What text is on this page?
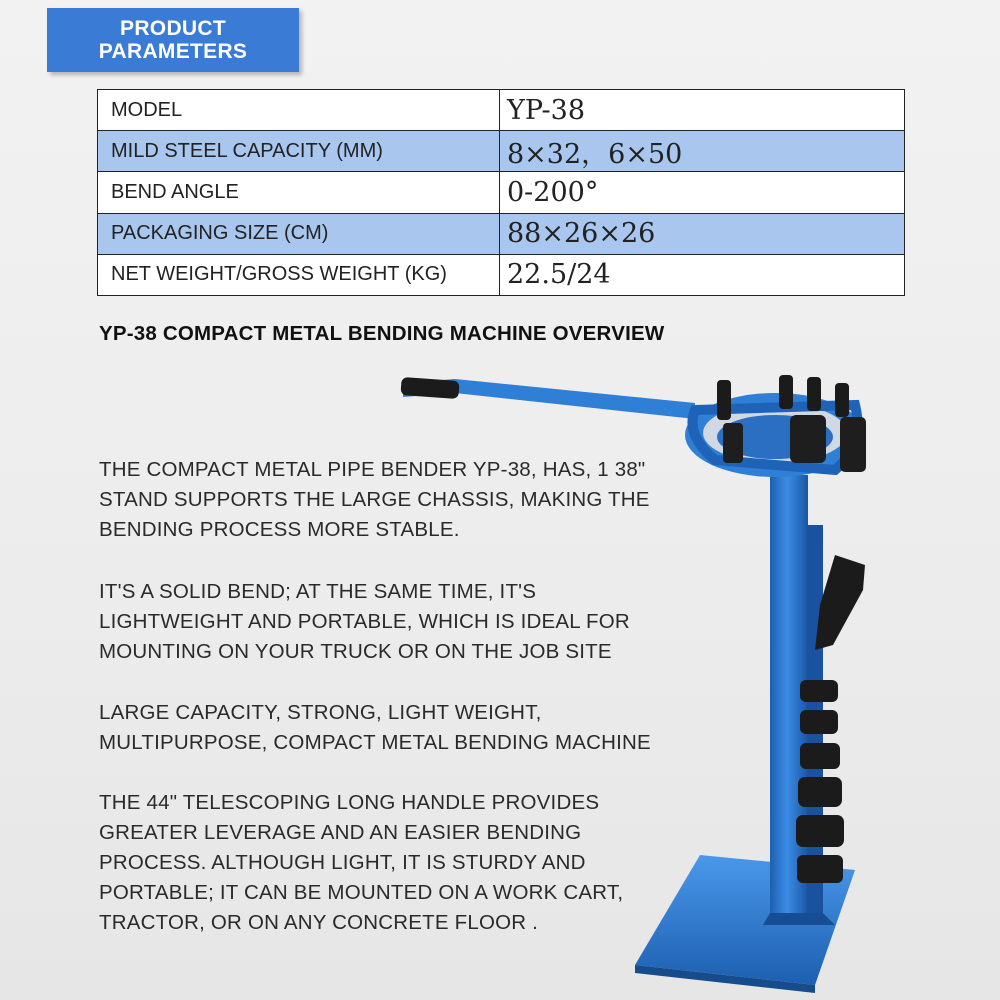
PRODUCT
PARAMETERS
MODEL	YP-38
MILD STEEL CAPACITY (MM)	8×32，6×50
BEND ANGLE	0-200°
PACKAGING SIZE (CM)	88×26×26
NET WEIGHT/GROSS WEIGHT (KG)	22.5/24
YP-38 COMPACT METAL BENDING MACHINE OVERVIEW
THE COMPACT METAL PIPE BENDER YP-38, HAS, 1 38"
STAND SUPPORTS THE LARGE CHASSIS, MAKING THE
BENDING PROCESS MORE STABLE.
IT'S A SOLID BEND; AT THE SAME TIME, IT'S
LIGHTWEIGHT AND PORTABLE, WHICH IS IDEAL FOR
MOUNTING ON YOUR TRUCK OR ON THE JOB SITE
LARGE CAPACITY, STRONG, LIGHT WEIGHT,
MULTIPURPOSE, COMPACT METAL BENDING MACHINE
THE 44" TELESCOPING LONG HANDLE PROVIDES
GREATER LEVERAGE AND AN EASIER BENDING
PROCESS. ALTHOUGH LIGHT, IT IS STURDY AND
PORTABLE; IT CAN BE MOUNTED ON A WORK CART,
TRACTOR, OR ON ANY CONCRETE FLOOR .
